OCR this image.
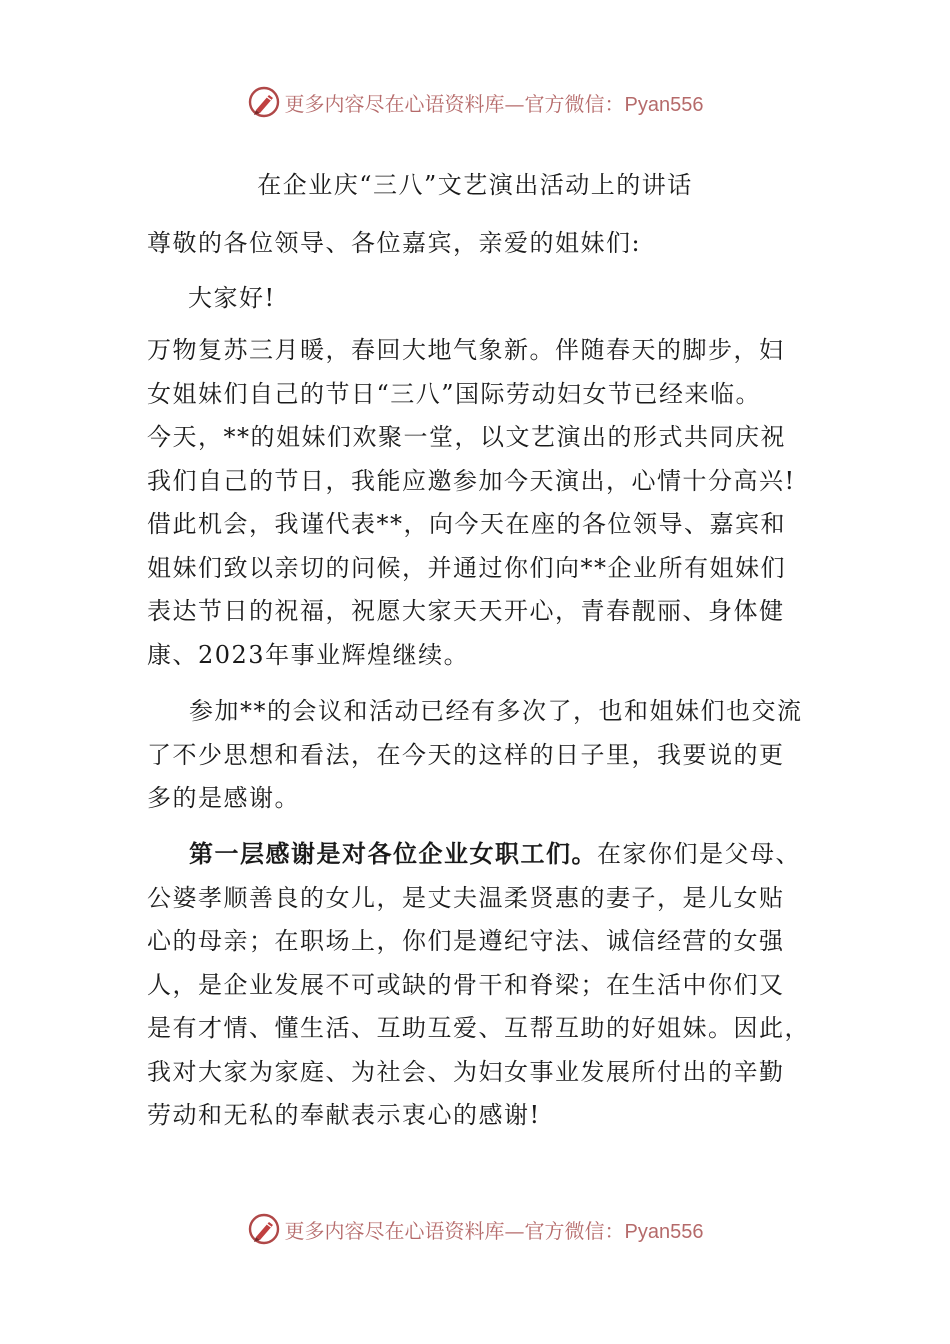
更多内容尽在心语资料库—官方微信：Pyan556
在企业庆“三八”文艺演出活动上的讲话
尊敬的各位领导、各位嘉宾，亲爱的姐妹们:
大家好!
万物复苏三月暖，春回大地气象新。伴随春天的脚步，妇
女姐妹们自己的节日“三八”国际劳动妇女节已经来临。
今天，**的姐妹们欢聚一堂，以文艺演出的形式共同庆祝
我们自己的节日，我能应邀参加今天演出，心情十分高兴!
借此机会，我谨代表**，向今天在座的各位领导、嘉宾和
姐妹们致以亲切的问候，并通过你们向**企业所有姐妹们
表达节日的祝福，祝愿大家天天开心，青春靓丽、身体健
康、2023年事业辉煌继续。
参加**的会议和活动已经有多次了，也和姐妹们也交流
了不少思想和看法，在今天的这样的日子里，我要说的更
多的是感谢。
第一层感谢是对各位企业女职工们。在家你们是父母、
公婆孝顺善良的女儿，是丈夫温柔贤惠的妻子，是儿女贴
心的母亲；在职场上，你们是遵纪守法、诚信经营的女强
人，是企业发展不可或缺的骨干和脊梁；在生活中你们又
是有才情、懂生活、互助互爱、互帮互助的好姐妹。因此，
我对大家为家庭、为社会、为妇女事业发展所付出的辛勤
劳动和无私的奉献表示衷心的感谢!
更多内容尽在心语资料库—官方微信：Pyan556
